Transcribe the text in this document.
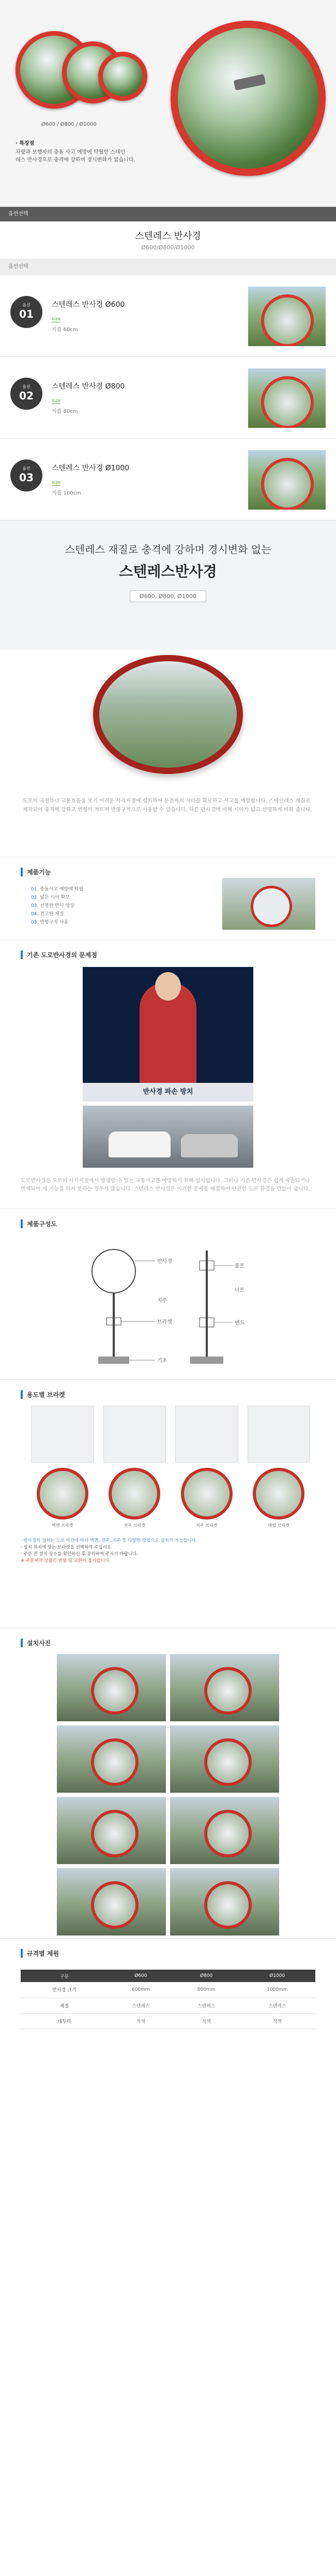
Ø600 / Ø800 / Ø1000
· 특장점
차량과 보행자의 충돌 사고 예방에 탁월한 스테인
레스 반사경으로 충격에 강하며 경시변화가 없습니다.
옵션선택
스텐레스 반사경
Ø600/Ø800/Ø1000
옵션선택
옵션
01
스텐레스 반사경 Ø600
size
지름 60cm
옵션
02
스텐레스 반사경 Ø800
size
지름 80cm
옵션
03
스텐레스 반사경 Ø1000
size
지름 100cm
스텐레스 재질로 충격에 강하며 경시변화 없는
스텐레스반사경
Ø600, Ø800, Ø1000
도로의 곡선부나 교통흐름을 보기 어려운 사각지점에 설치하여 운전자의 시야를 확보하고 사고를 예방합니다. 스테인레스 재질로 제작되어 충격에 강하고 변형이 적으며 반영구적으로 사용할 수 있습니다. 다른 반사경에 비해 시야가 넓고 선명하게 비춰 줍니다.
제품기능
0 1. 충돌사고 예방에 탁월
0 2. 넓은 시야 확보
0 3. 선명한 반사 영상
0 4. 견고한 재질
0 5. 반영구적 사용
기존 도로반사경의 문제점
반사경 파손 방치
도로반사경은 도로의 사각지점에서 발생할 수 있는 교통사고를 예방하기 위해 설치됩니다. 그러나 기존 반사경은 쉽게 파손되거나 변색되어 제 기능을 하지 못하는 경우가 많습니다. 스텐레스 반사경은 이러한 문제를 해결하여 안전한 도로 환경을 만들어 줍니다.
제품구성도
반사경
지주
브라켓
볼트
너트
밴드
기초
용도별 브라켓
벽면 브라켓	전주 브라켓	지주 브라켓	매립 브라켓
· 반사경의 설치는 도로 여건에 따라 벽면, 전주, 지주 등 다양한 방법으로 설치가 가능합니다.
· 설치 위치에 맞는 브라켓을 선택하여 주십시오.
· 주문 전 설치 장소를 확인하신 후 문의하여 주시기 바랍니다.
※ 주문제작 상품은 반품 및 교환이 불가합니다.
설치사진
규격별 제원
구분	Ø600	Ø800	Ø1000
반사경 크기	600mm	800mm	1000mm
재질	스텐레스	스텐레스	스텐레스
테두리	적색	적색	적색
